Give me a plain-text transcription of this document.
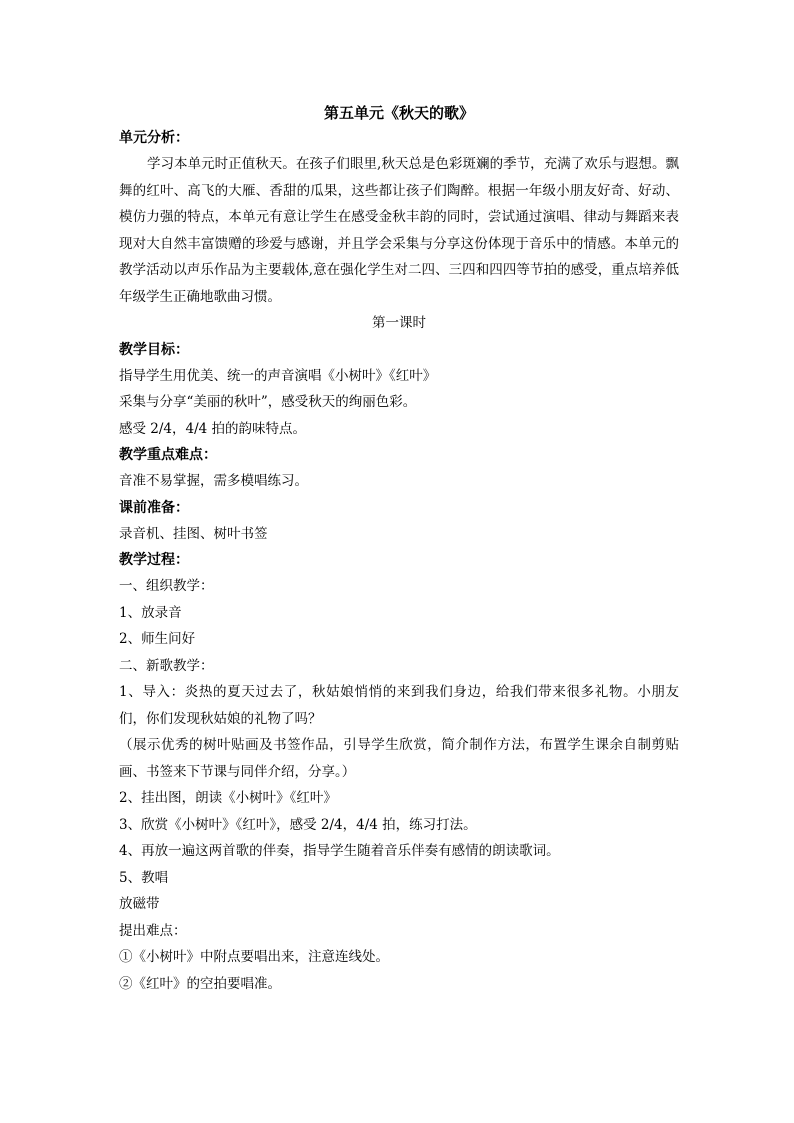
第五单元《秋天的歌》
单元分析：

学习本单元时正值秋天。在孩子们眼里,秋天总是色彩斑斓的季节，充满了欢乐与遐想。飘舞的红叶、高飞的大雁、香甜的瓜果，这些都让孩子们陶醉。根据一年级小朋友好奇、好动、模仿力强的特点，本单元有意让学生在感受金秋丰韵的同时，尝试通过演唱、律动与舞蹈来表现对大自然丰富馈赠的珍爱与感谢，并且学会采集与分享这份体现于音乐中的情感。本单元的教学活动以声乐作品为主要载体,意在强化学生对二四、三四和四四等节拍的感受，重点培养低年级学生正确地歌曲习惯。

第一课时
教学目标：
指导学生用优美、统一的声音演唱《小树叶》《红叶》
采集与分享“美丽的秋叶”，感受秋天的绚丽色彩。
感受 2/4，4/4 拍的韵味特点。
教学重点难点：
音准不易掌握，需多模唱练习。
课前准备：
录音机、挂图、树叶书签
教学过程：
一、组织教学：
1、放录音
2、师生问好
二、新歌教学：

1、导入：炎热的夏天过去了，秋姑娘悄悄的来到我们身边，给我们带来很多礼物。小朋友们，你们发现秋姑娘的礼物了吗？

（展示优秀的树叶贴画及书签作品，引导学生欣赏，简介制作方法，布置学生课余自制剪贴画、书签来下节课与同伴介绍，分享。）

2、挂出图，朗读《小树叶》《红叶》
3、欣赏《小树叶》《红叶》，感受 2/4，4/4 拍，练习打法。
4、再放一遍这两首歌的伴奏，指导学生随着音乐伴奏有感情的朗读歌词。
5、教唱
放磁带
提出难点：
①《小树叶》中附点要唱出来，注意连线处。
②《红叶》的空拍要唱准。
